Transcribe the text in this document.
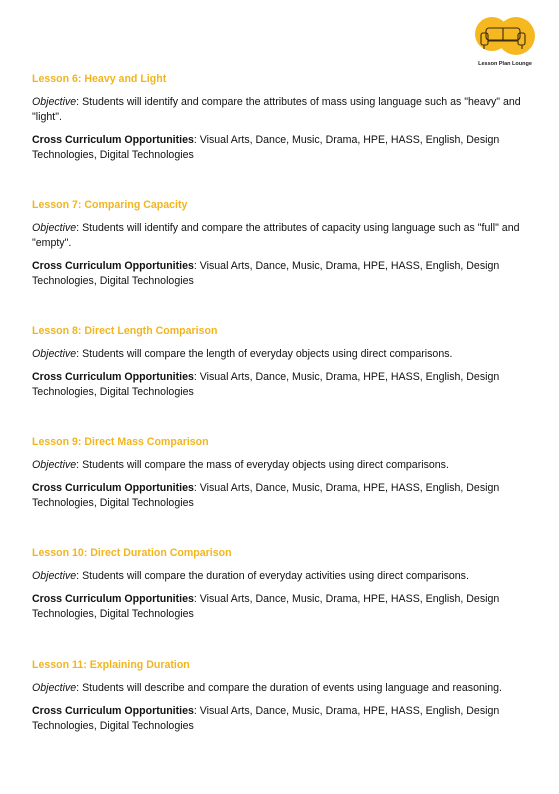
Lesson Plan Lounge
Lesson 6: Heavy and Light

Objective: Students will identify and compare the attributes of mass using language such as "heavy" and "light".

Cross Curriculum Opportunities: Visual Arts, Dance, Music, Drama, HPE, HASS, English, Design Technologies, Digital Technologies

Lesson 7: Comparing Capacity

Objective: Students will identify and compare the attributes of capacity using language such as "full" and "empty".

Cross Curriculum Opportunities: Visual Arts, Dance, Music, Drama, HPE, HASS, English, Design Technologies, Digital Technologies

Lesson 8: Direct Length Comparison

Objective: Students will compare the length of everyday objects using direct comparisons.

Cross Curriculum Opportunities: Visual Arts, Dance, Music, Drama, HPE, HASS, English, Design Technologies, Digital Technologies

Lesson 9: Direct Mass Comparison

Objective: Students will compare the mass of everyday objects using direct comparisons.

Cross Curriculum Opportunities: Visual Arts, Dance, Music, Drama, HPE, HASS, English, Design Technologies, Digital Technologies

Lesson 10: Direct Duration Comparison

Objective: Students will compare the duration of everyday activities using direct comparisons.

Cross Curriculum Opportunities: Visual Arts, Dance, Music, Drama, HPE, HASS, English, Design Technologies, Digital Technologies

Lesson 11: Explaining Duration

Objective: Students will describe and compare the duration of events using language and reasoning.

Cross Curriculum Opportunities: Visual Arts, Dance, Music, Drama, HPE, HASS, English, Design Technologies, Digital Technologies
